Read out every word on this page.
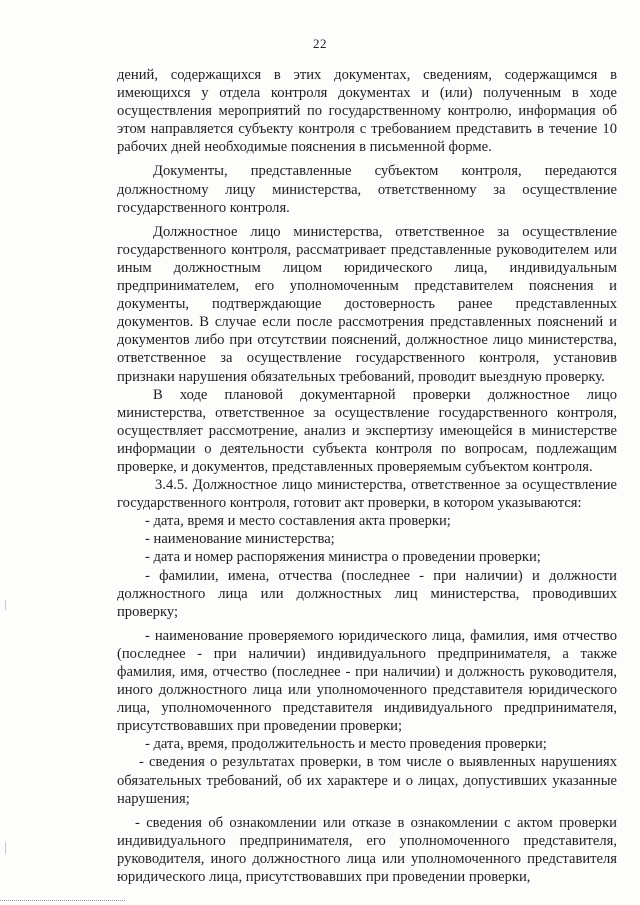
22

дений, содержащихся в этих документах, сведениям, содержащимся в имеющихся у отдела контроля документах и (или) полученным в ходе осуществления мероприятий по государственному контролю, информация об этом направляется субъекту контроля с требованием представить в течение 10 рабочих дней необходимые пояснения в письменной форме.

Документы, представленные субъектом контроля, передаются должностному лицу министерства, ответственному за осуществление государственного контроля.

Должностное лицо министерства, ответственное за осуществление государственного контроля, рассматривает представленные руководителем или иным должностным лицом юридического лица, индивидуальным предпринимателем, его уполномоченным представителем пояснения и документы, подтверждающие достоверность ранее представленных документов. В случае если после рассмотрения представленных пояснений и документов либо при отсутствии пояснений, должностное лицо министерства, ответственное за осуществление государственного контроля, установив признаки нарушения обязательных требований, проводит выездную проверку.

В ходе плановой документарной проверки должностное лицо министерства, ответственное за осуществление государственного контроля, осуществляет рассмотрение, анализ и экспертизу имеющейся в министерстве информации о деятельности субъекта контроля по вопросам, подлежащим проверке, и документов, представленных проверяемым субъектом контроля.

3.4.5. Должностное лицо министерства, ответственное за осуществление государственного контроля, готовит акт проверки, в котором указываются:

- дата, время и место составления акта проверки;

- наименование министерства;

- дата и номер распоряжения министра о проведении проверки;

- фамилии, имена, отчества (последнее - при наличии) и должности должностного лица или должностных лиц министерства, проводивших проверку;

- наименование проверяемого юридического лица, фамилия, имя отчество (последнее - при наличии) индивидуального предпринимателя, а также фамилия, имя, отчество (последнее - при наличии) и должность руководителя, иного должностного лица или уполномоченного представителя юридического лица, уполномоченного представителя индивидуального предпринимателя, присутствовавших при проведении проверки;

- дата, время, продолжительность и место проведения проверки;

- сведения о результатах проверки, в том числе о выявленных нарушениях обязательных требований, об их характере и о лицах, допустивших указанные нарушения;

- сведения об ознакомлении или отказе в ознакомлении с актом проверки индивидуального предпринимателя, его уполномоченного представителя, руководителя, иного должностного лица или уполномоченного представителя юридического лица, присутствовавших при проведении проверки,
